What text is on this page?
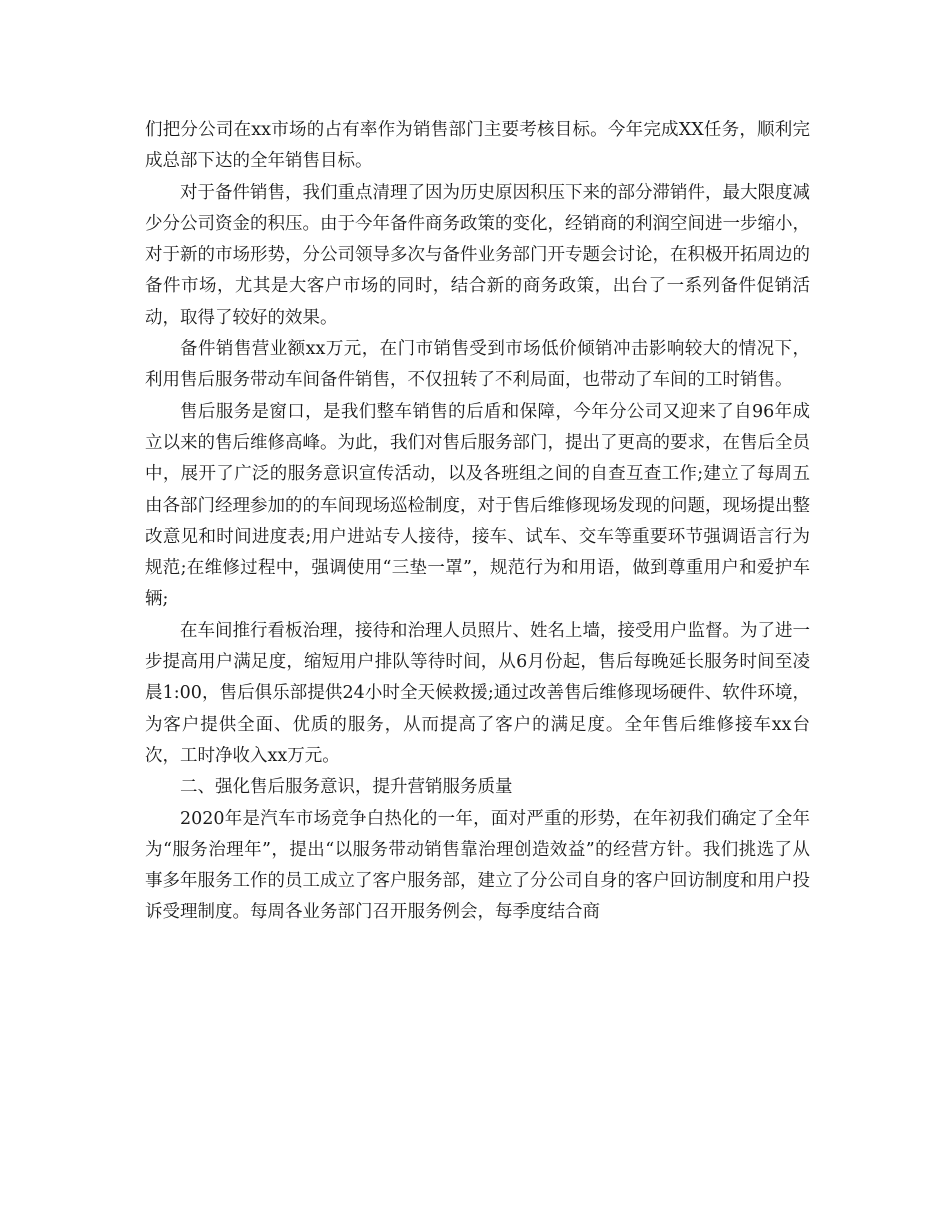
们把分公司在xx市场的占有率作为销售部门主要考核目标。今年完成XX任务，顺利完成总部下达的全年销售目标。

对于备件销售，我们重点清理了因为历史原因积压下来的部分滞销件，最大限度减少分公司资金的积压。由于今年备件商务政策的变化，经销商的利润空间进一步缩小，对于新的市场形势，分公司领导多次与备件业务部门开专题会讨论，在积极开拓周边的备件市场，尤其是大客户市场的同时，结合新的商务政策，出台了一系列备件促销活动，取得了较好的效果。

备件销售营业额xx万元，在门市销售受到市场低价倾销冲击影响较大的情况下，利用售后服务带动车间备件销售，不仅扭转了不利局面，也带动了车间的工时销售。

售后服务是窗口，是我们整车销售的后盾和保障，今年分公司又迎来了自96年成立以来的售后维修高峰。为此，我们对售后服务部门，提出了更高的要求，在售后全员中，展开了广泛的服务意识宣传活动，以及各班组之间的自查互查工作;建立了每周五由各部门经理参加的的车间现场巡检制度，对于售后维修现场发现的问题，现场提出整改意见和时间进度表;用户进站专人接待，接车、试车、交车等重要环节强调语言行为规范;在维修过程中，强调使用“三垫一罩”，规范行为和用语，做到尊重用户和爱护车辆;

在车间推行看板治理，接待和治理人员照片、姓名上墙，接受用户监督。为了进一步提高用户满足度，缩短用户排队等待时间，从6月份起，售后每晚延长服务时间至凌晨1:00，售后俱乐部提供24小时全天候救援;通过改善售后维修现场硬件、软件环境，为客户提供全面、优质的服务，从而提高了客户的满足度。全年售后维修接车xx台次，工时净收入xx万元。

二、强化售后服务意识，提升营销服务质量

2020年是汽车市场竞争白热化的一年，面对严重的形势，在年初我们确定了全年为“服务治理年”，提出“以服务带动销售靠治理创造效益”的经营方针。我们挑选了从事多年服务工作的员工成立了客户服务部，建立了分公司自身的客户回访制度和用户投诉受理制度。每周各业务部门召开服务例会，每季度结合商
